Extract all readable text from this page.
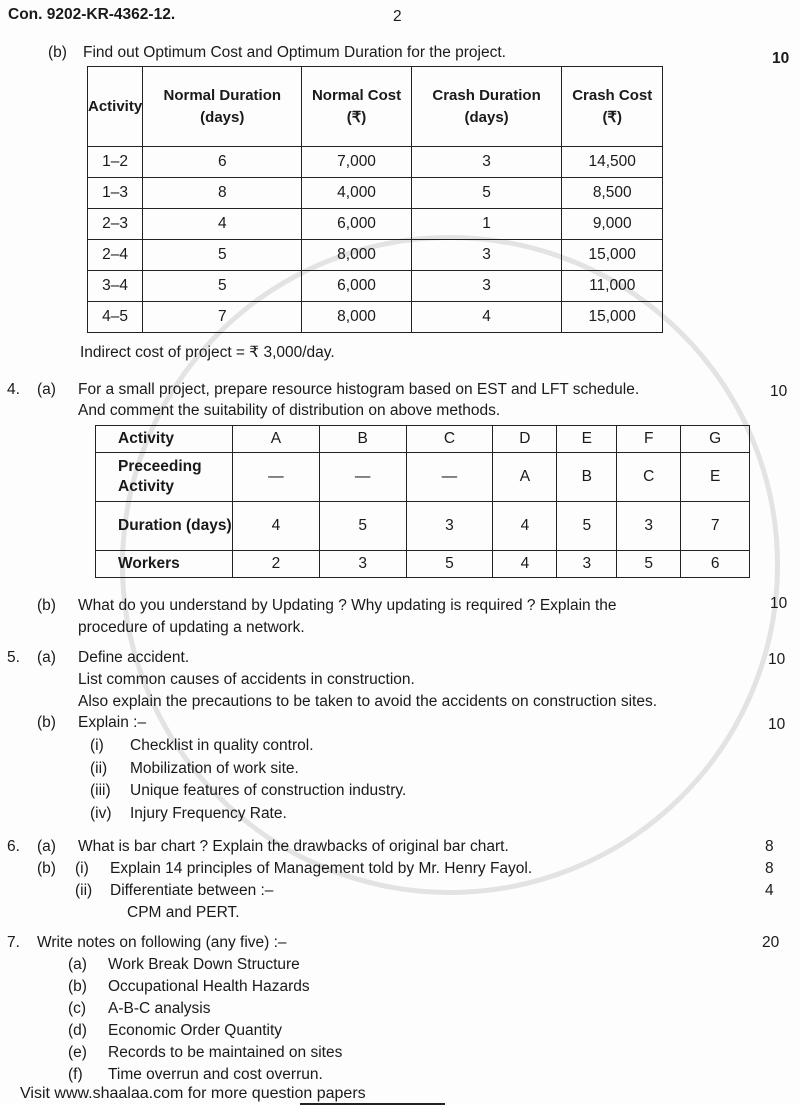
Con. 9202-KR-4362-12.	2
(b) Find out Optimum Cost and Optimum Duration for the project.	10
Activity	Normal Duration (days)	Normal Cost (₹)	Crash Duration (days)	Crash Cost (₹)
1–2	6	7,000	3	14,500
1–3	8	4,000	5	8,500
2–3	4	6,000	1	9,000
2–4	5	8,000	3	15,000
3–4	5	6,000	3	11,000
4–5	7	8,000	4	15,000
Indirect cost of project = ₹ 3,000/day.
4. (a) For a small project, prepare resource histogram based on EST and LFT schedule.
And comment the suitability of distribution on above methods.
10
Activity	A	B	C	D	E	F	G
Preceeding Activity	—	—	—	A	B	C	E
Duration (days)	4	5	3	4	5	3	7
Workers	2	3	5	4	3	5	6
(b) What do you understand by Updating ? Why updating is required ? Explain the
procedure of updating a network.
10
5. (a) Define accident.
List common causes of accidents in construction.
Also explain the precautions to be taken to avoid the accidents on construction sites.
10
(b) Explain :–	10
(i) Checklist in quality control.
(ii) Mobilization of work site.
(iii) Unique features of construction industry.
(iv) Injury Frequency Rate.
6. (a) What is bar chart ? Explain the drawbacks of original bar chart.	8
(b) (i) Explain 14 principles of Management told by Mr. Henry Fayol.	8
(ii) Differentiate between :–	4
CPM and PERT.
7. Write notes on following (any five) :–	20
(a) Work Break Down Structure
(b) Occupational Health Hazards
(c) A-B-C analysis
(d) Economic Order Quantity
(e) Records to be maintained on sites
(f) Time overrun and cost overrun.
Visit www.shaalaa.com for more question papers
